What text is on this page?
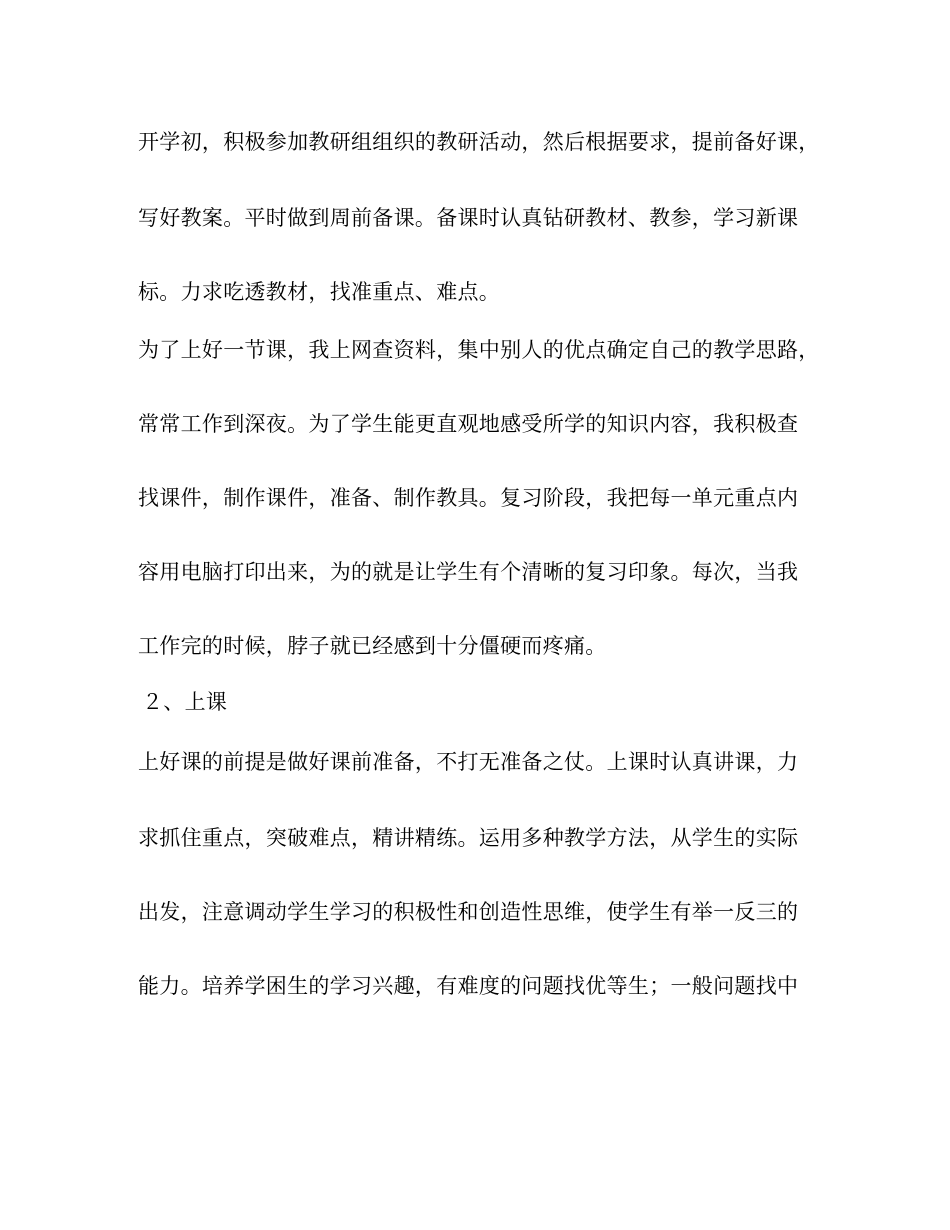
开学初，积极参加教研组组织的教研活动，然后根据要求，提前备好课，
写好教案。平时做到周前备课。备课时认真钻研教材、教参，学习新课
标。力求吃透教材，找准重点、难点。
为了上好一节课，我上网查资料，集中别人的优点确定自己的教学思路，
常常工作到深夜。为了学生能更直观地感受所学的知识内容，我积极查
找课件，制作课件，准备、制作教具。复习阶段，我把每一单元重点内
容用电脑打印出来，为的就是让学生有个清晰的复习印象。每次，当我
工作完的时候，脖子就已经感到十分僵硬而疼痛。
２、上课
上好课的前提是做好课前准备，不打无准备之仗。上课时认真讲课，力
求抓住重点，突破难点，精讲精练。运用多种教学方法，从学生的实际
出发，注意调动学生学习的积极性和创造性思维，使学生有举一反三的
能力。培养学困生的学习兴趣，有难度的问题找优等生；一般问题找中
